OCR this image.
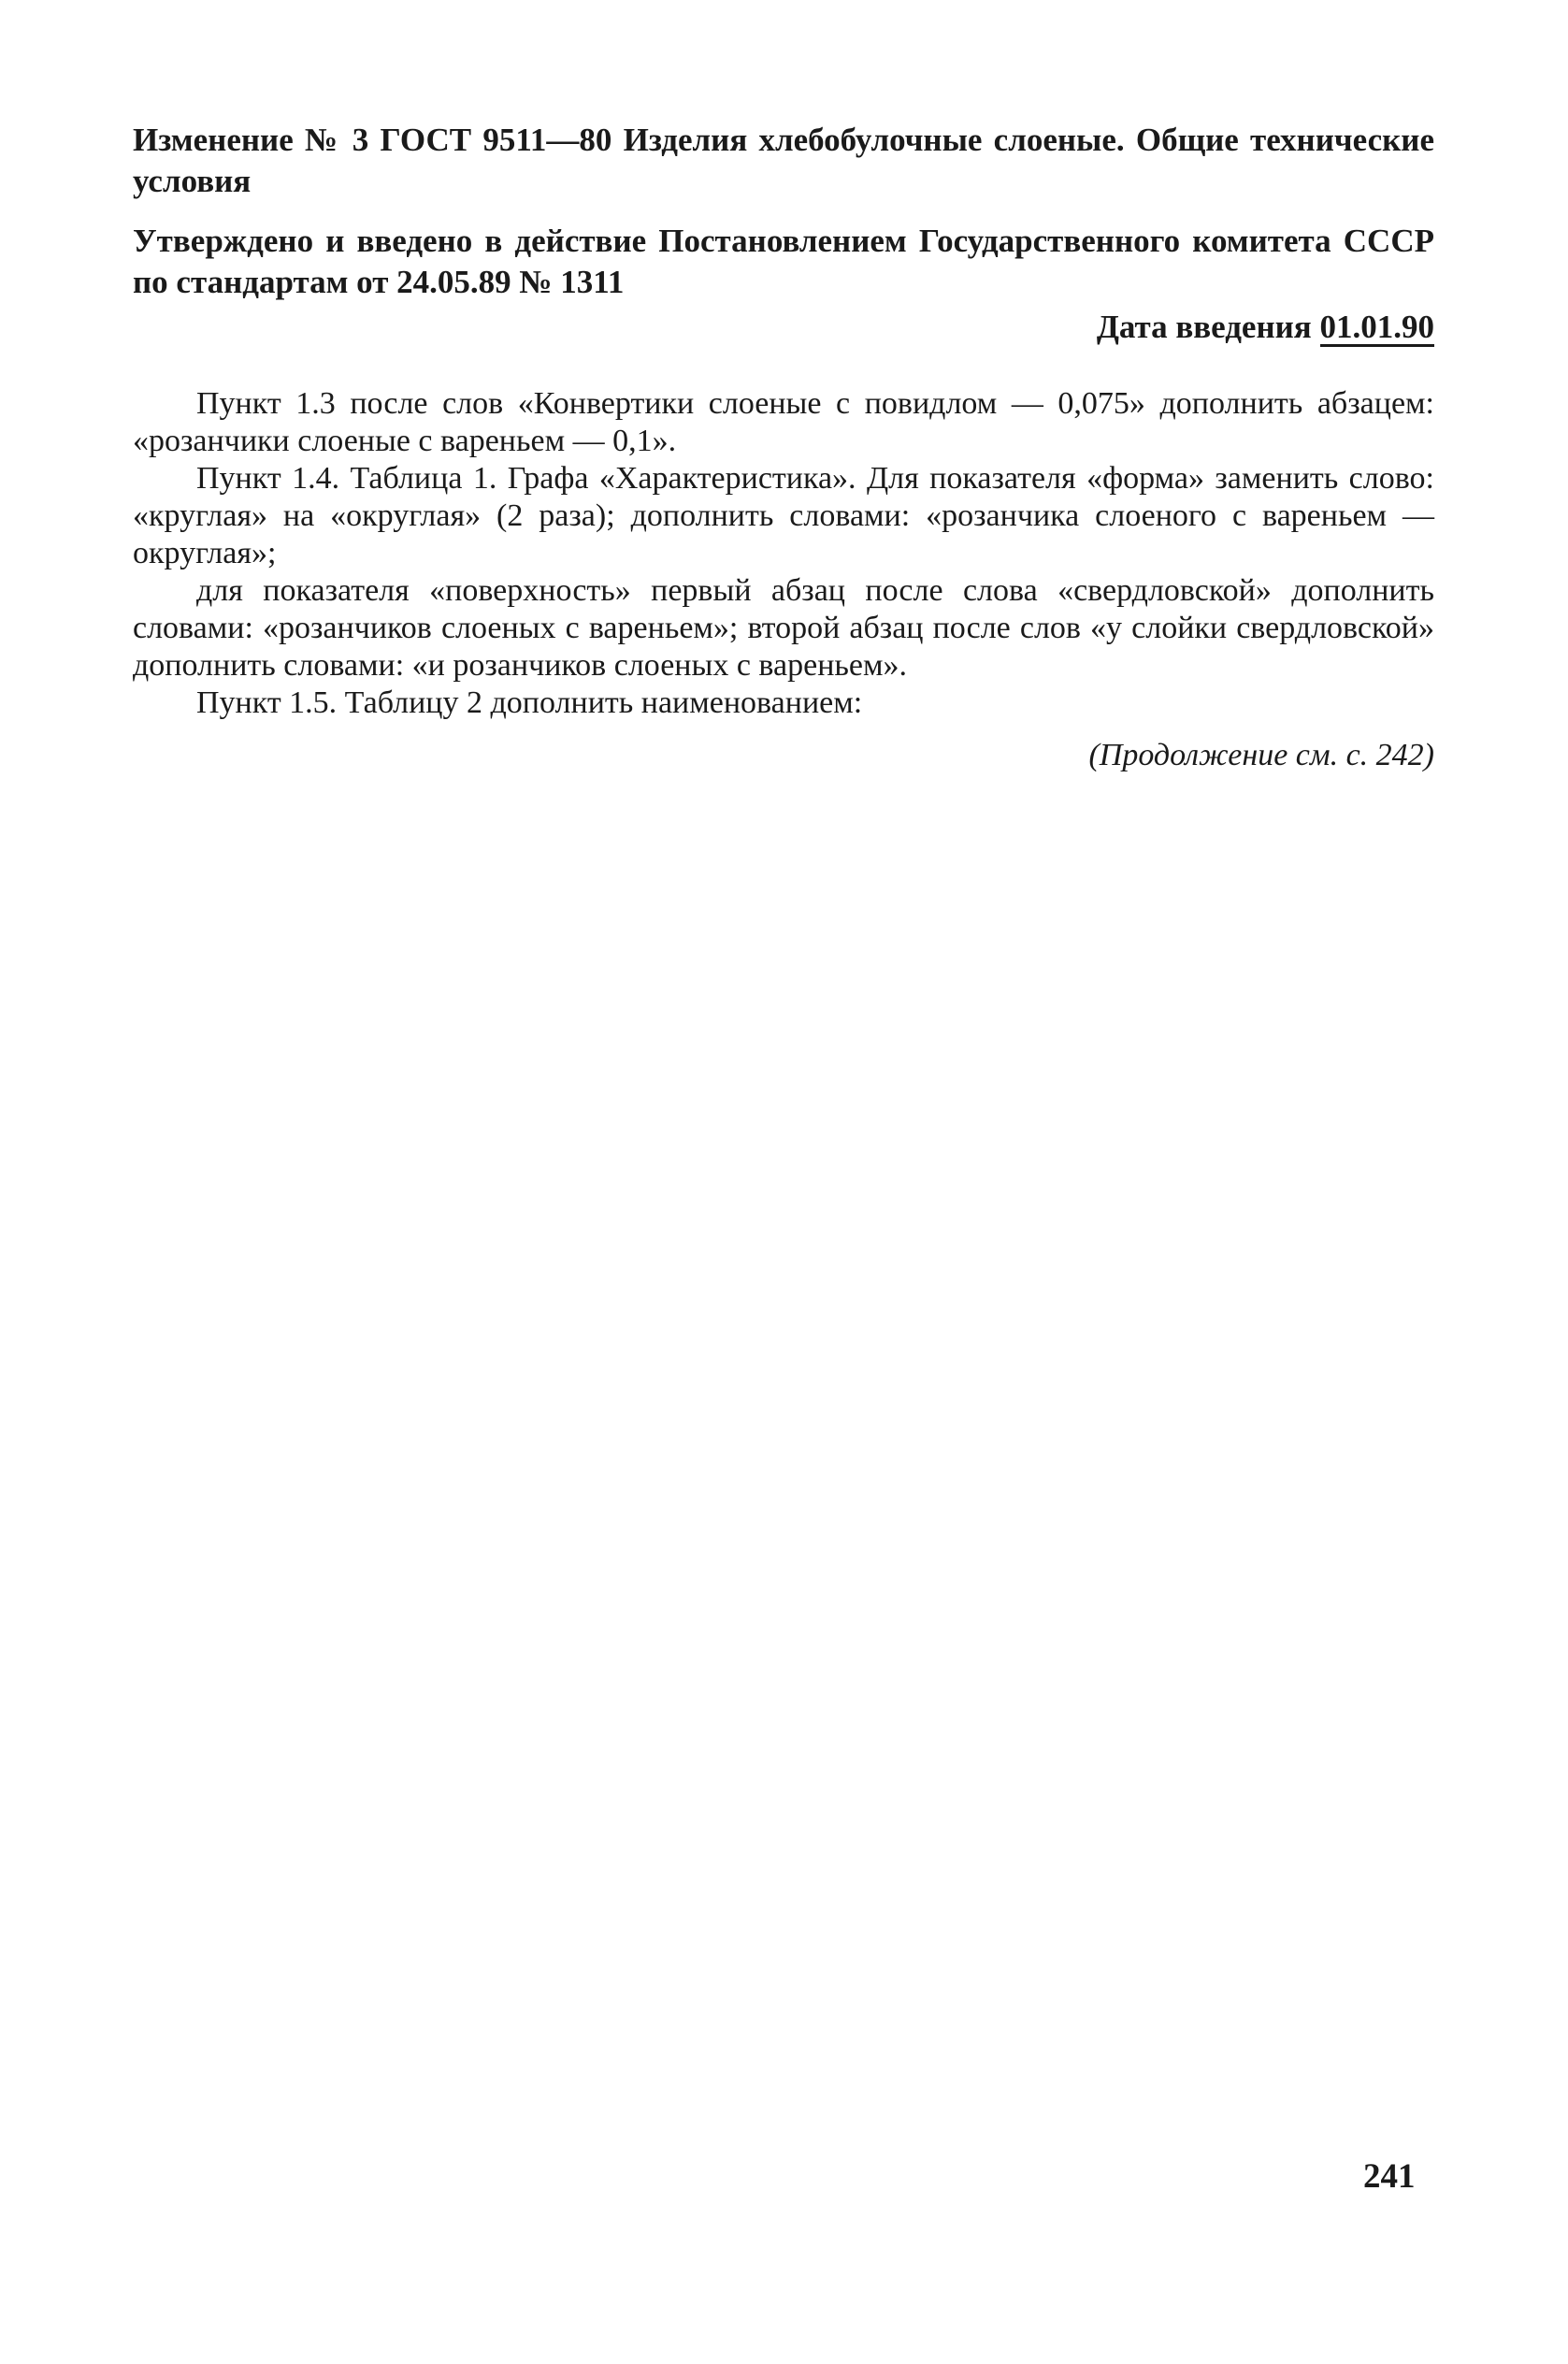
Изменение № 3 ГОСТ 9511—80 Изделия хлебобулочные слоеные. Общие технические условия

Утверждено и введено в действие Постановлением Государственного комитета СССР по стандартам от 24.05.89 № 1311

Дата введения 01.01.90

Пункт 1.3 после слов «Конвертики слоеные с повидлом — 0,075» дополнить абзацем: «розанчики слоеные с вареньем — 0,1».

Пункт 1.4. Таблица 1. Графа «Характеристика». Для показателя «форма» заменить слово: «круглая» на «округлая» (2 раза); дополнить словами: «розанчика слоеного с вареньем — округлая»;

для показателя «поверхность» первый абзац после слова «свердловской» дополнить словами: «розанчиков слоеных с вареньем»; второй абзац после слов «у слойки свердловской» дополнить словами: «и розанчиков слоеных с вареньем».

Пункт 1.5. Таблицу 2 дополнить наименованием:

(Продолжение см. с. 242)

241
